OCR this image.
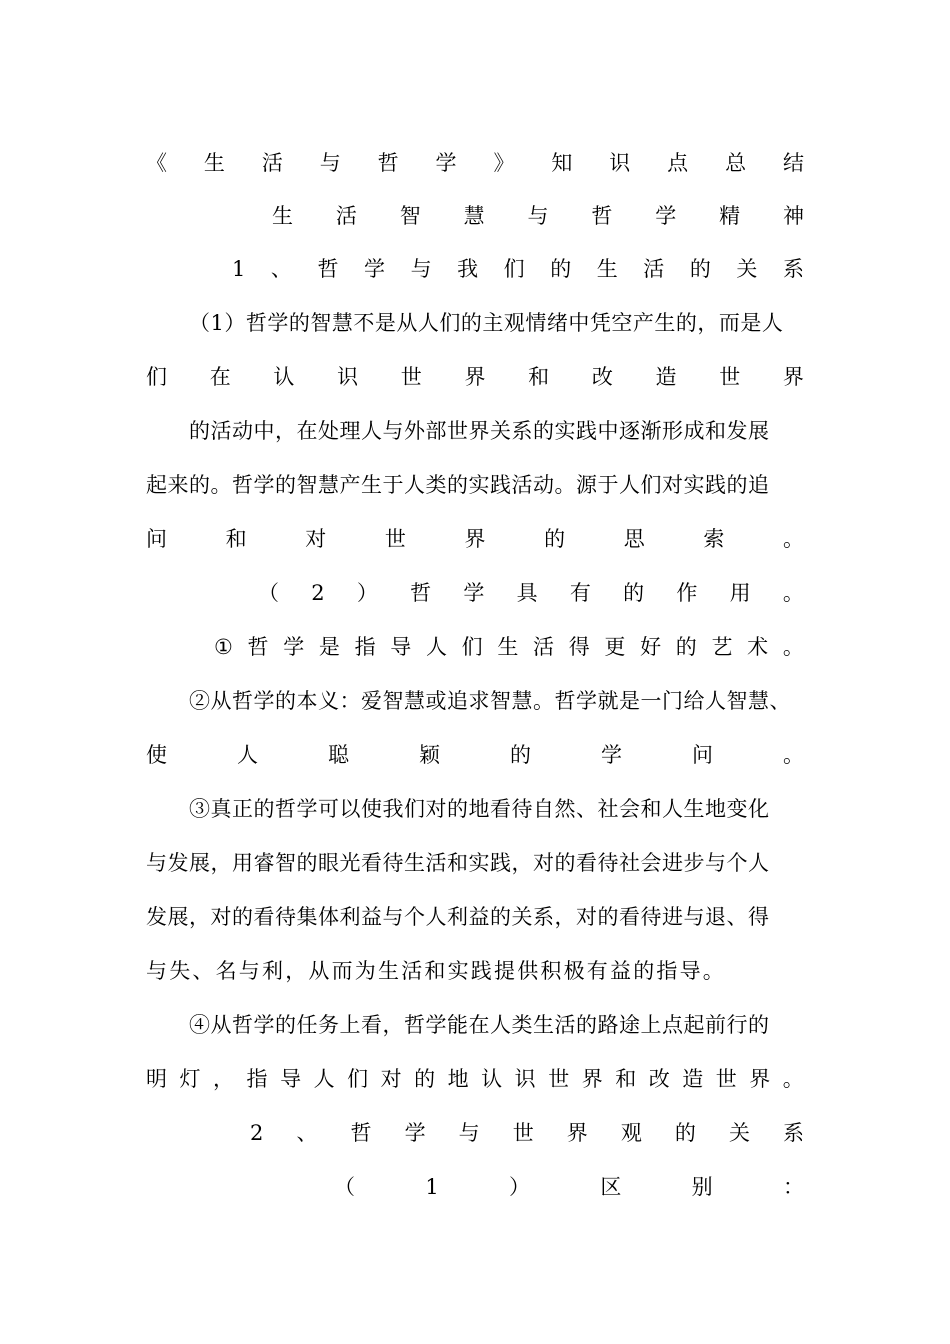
《 生 活 与 哲 学 》 知 识 点 总 结
生 活 智 慧 与 哲 学 精 神
1 、 哲 学 与 我 们 的 生 活 的 关 系
（1）哲学的智慧不是从人们的主观情绪中凭空产生的，而是人
们 在 认 识 世 界 和 改 造 世 界
的活动中，在处理人与外部世界关系的实践中逐渐形成和发展
起来的。哲学的智慧产生于人类的实践活动。源于人们对实践的追
问	和	对	世	界	的	思	索	。
（ 2 ） 哲 学 具 有 的 作 用 。
① 哲 学 是 指 导 人 们 生 活 得 更 好 的 艺 术 。
②从哲学的本义：爱智慧或追求智慧。哲学就是一门给人智慧、
使	人	聪	颖	的	学	问	。
③真正的哲学可以使我们对的地看待自然、社会和人生地变化
与发展，用睿智的眼光看待生活和实践，对的看待社会进步与个人
发展，对的看待集体利益与个人利益的关系，对的看待进与退、得
与失、名与利，从而为生活和实践提供积极有益的指导。
④从哲学的任务上看，哲学能在人类生活的路途上点起前行的
明 灯 ， 指 导 人 们 对 的 地 认 识 世 界 和 改 造 世 界 。
2 、 哲 学 与 世 界 观 的 关 系
（	1	）	区	别	：
